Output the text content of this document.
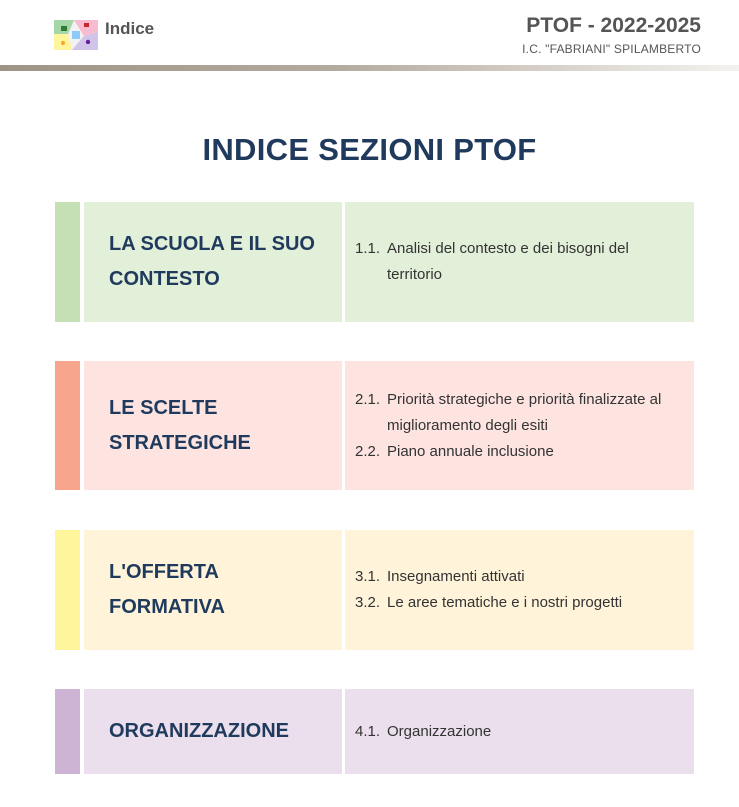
Indice	PTOF - 2022-2025
I.C. "FABRIANI" SPILAMBERTO
INDICE SEZIONI PTOF
LA SCUOLA E IL SUO
CONTESTO
1.1. Analisi del contesto e dei bisogni del territorio
LE SCELTE
STRATEGICHE
2.1. Priorità strategiche e priorità finalizzate al miglioramento degli esiti
2.2. Piano annuale inclusione
L'OFFERTA
FORMATIVA
3.1. Insegnamenti attivati
3.2. Le aree tematiche e i nostri progetti
ORGANIZZAZIONE	4.1. Organizzazione
